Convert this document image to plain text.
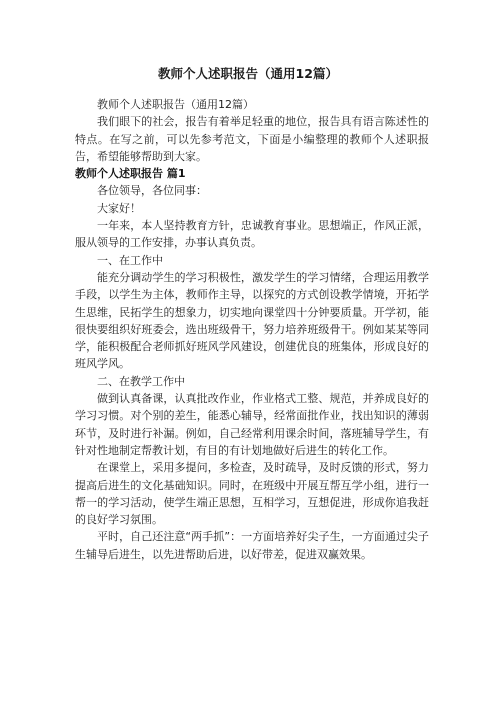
教师个人述职报告（通用12篇）

教师个人述职报告（通用12篇）

我们眼下的社会，报告有着举足轻重的地位，报告具有语言陈述性的特点。在写之前，可以先参考范文，下面是小编整理的教师个人述职报告，希望能够帮助到大家。

教师个人述职报告 篇1

各位领导，各位同事：

大家好！

一年来，本人坚持教育方针，忠诚教育事业。思想端正，作风正派，服从领导的工作安排，办事认真负责。

一、在工作中

能充分调动学生的学习积极性，激发学生的学习情绪，合理运用教学手段，以学生为主体，教师作主导，以探究的方式创设教学情境，开拓学生思维，民拓学生的想象力，切实地向课堂四十分钟要质量。开学初，能很快要组织好班委会，选出班级骨干，努力培养班级骨干。例如某某等同学，能积极配合老师抓好班风学风建设，创建优良的班集体，形成良好的班风学风。

二、在教学工作中

做到认真备课，认真批改作业，作业格式工整、规范，并养成良好的学习习惯。对个别的差生，能悉心辅导，经常面批作业，找出知识的薄弱环节，及时进行补漏。例如，自己经常利用课余时间，落班辅导学生，有针对性地制定帮教计划，有目的有计划地做好后进生的转化工作。

在课堂上，采用多提问，多检查，及时疏导，及时反馈的形式，努力提高后进生的文化基础知识。同时，在班级中开展互帮互学小组，进行一帮一的学习活动，使学生端正思想，互相学习，互想促进，形成你追我赶的良好学习氛围。

平时，自己还注意“两手抓”：一方面培养好尖子生，一方面通过尖子生辅导后进生，以先进帮助后进，以好带差，促进双赢效果。
